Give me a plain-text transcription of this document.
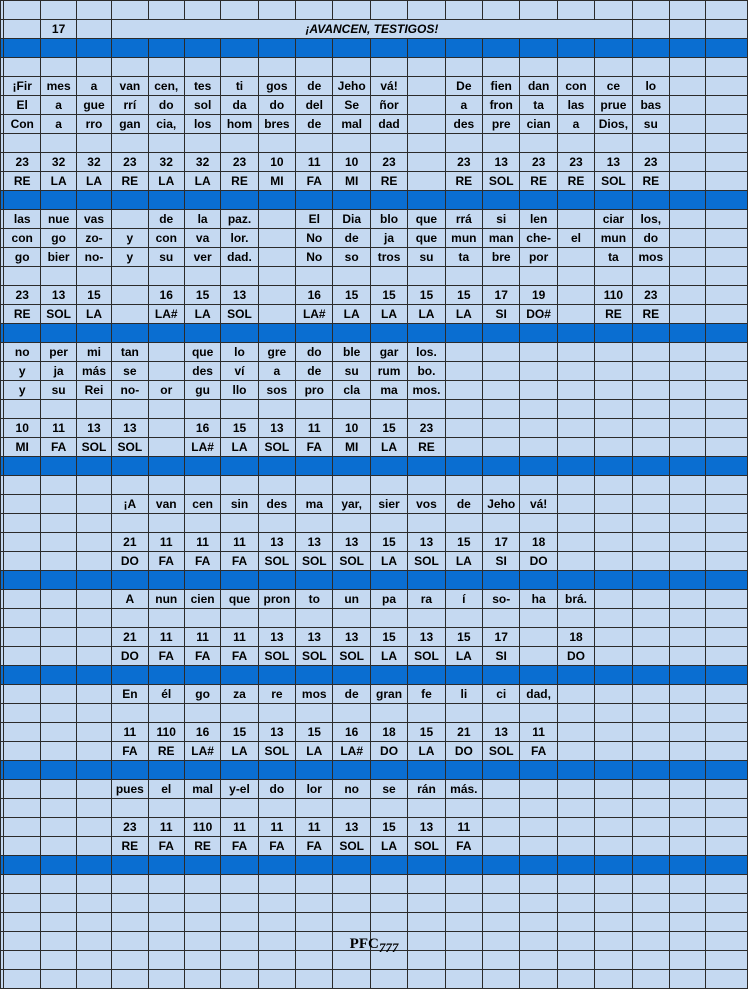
		17		¡AVANCEN, TESTIGOS!																

	¡Fir	mes	a	van	cen,	tes	ti	gos	de	Jeho	vá!		De	fien	dan	con	ce	lo		
	El	a	gue	rrí	do	sol	da	do	del	Se	ñor		a	fron	ta	las	prue	bas		
	Con	a	rro	gan	cia,	los	hom	bres	de	mal	dad		des	pre	cian	a	Dios,	su		

	23	32	32	23	32	32	23	10	11	10	23		23	13	23	23	13	23		
	RE	LA	LA	RE	LA	LA	RE	MI	FA	MI	RE		RE	SOL	RE	RE	SOL	RE		

	las	nue	vas		de	la	paz.		El	Dia	blo	que	rrá	si	len		ciar	los,		
	con	go	zo-	y	con	va	lor.		No	de	ja	que	mun	man	che-	el	mun	do		
	go	bier	no-	y	su	ver	dad.		No	so	tros	su	ta	bre	por		ta	mos		

	23	13	15		16	15	13		16	15	15	15	15	17	19		110	23		
	RE	SOL	LA		LA#	LA	SOL		LA#	LA	LA	LA	LA	SI	DO#		RE	RE		

	no	per	mi	tan		que	lo	gre	do	ble	gar	los.								
	y	ja	más	se		des	ví	a	de	su	rum	bo.								
	y	su	Rei	no-	or	gu	llo	sos	pro	cla	ma	mos.								

	10	11	13	13		16	15	13	11	10	15	23								
	MI	FA	SOL	SOL		LA#	LA	SOL	FA	MI	LA	RE								

				¡A	van	cen	sin	des	ma	yar,	sier	vos	de	Jeho	vá!					

				21	11	11	11	13	13	13	15	13	15	17	18					
				DO	FA	FA	FA	SOL	SOL	SOL	LA	SOL	LA	SI	DO					

				A	nun	cien	que	pron	to	un	pa	ra	í	so-	ha	brá.				

				21	11	11	11	13	13	13	15	13	15	17		18				
				DO	FA	FA	FA	SOL	SOL	SOL	LA	SOL	LA	SI		DO				

				En	él	go	za	re	mos	de	gran	fe	li	ci	dad,					

				11	110	16	15	13	15	16	18	15	21	13	11					
				FA	RE	LA#	LA	SOL	LA	LA#	DO	LA	DO	SOL	FA					

				pues	el	mal	y-el	do	lor	no	se	rán	más.							

				23	11	110	11	11	11	13	15	13	11							
				RE	FA	RE	FA	FA	FA	SOL	LA	SOL	FA							

$PFC_{777}$
